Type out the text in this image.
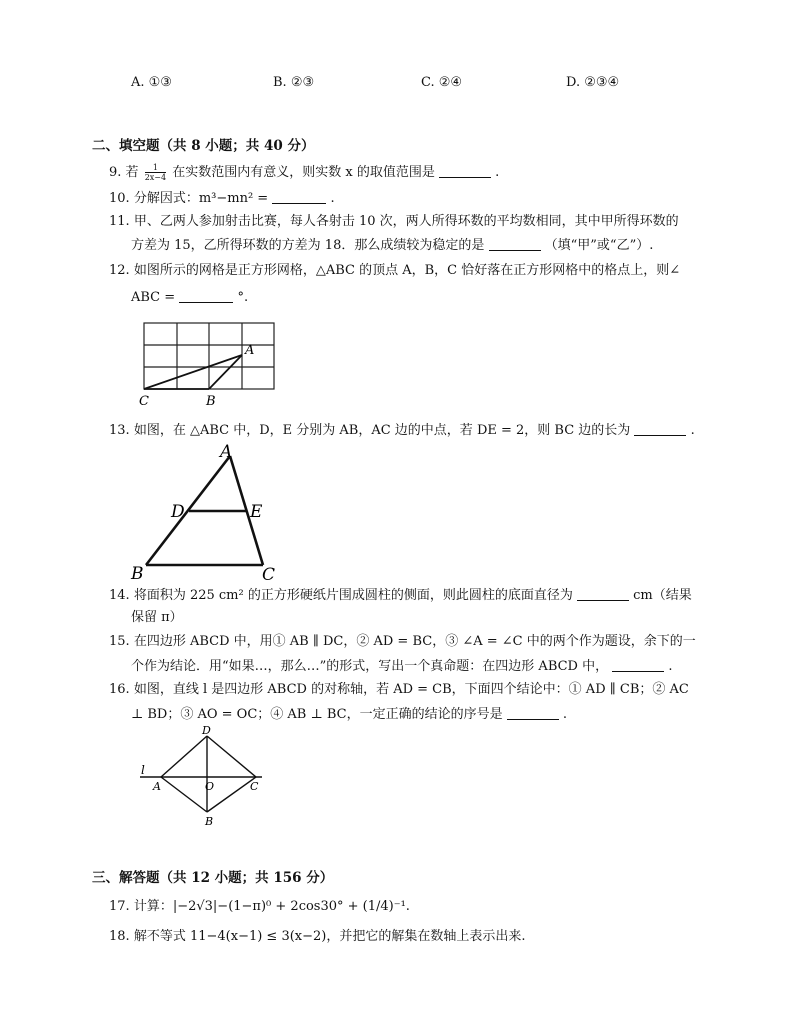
A. ①③	B. ②③	C. ②④	D. ②③④
二、填空题（共 8 小题；共 40 分）
9. 若 $\frac{1}{2x-4}$ 在实数范围内有意义，则实数 x 的取值范围是	.
10. 分解因式：m³−mn² =	.
11. 甲、乙两人参加射击比赛，每人各射击 10 次，两人所得环数的平均数相同，其中甲所得环数的
方差为 15，乙所得环数的方差为 18．那么成绩较为稳定的是	（填“甲”或“乙”）.
12. 如图所示的网格是正方形网格，△ABC 的顶点 A，B，C 恰好落在正方形网格中的格点上，则∠
ABC =	°.
A
B
C
13. 如图，在 △ABC 中，D，E 分别为 AB，AC 边的中点，若 DE = 2，则 BC 边的长为	.
A
B	C
D	E
14. 将面积为 225 cm² 的正方形硬纸片围成圆柱的侧面，则此圆柱的底面直径为	cm（结果
保留 π）
15. 在四边形 ABCD 中，用① AB ∥ DC，② AD = BC，③ ∠A = ∠C 中的两个作为题设，余下的一
个作为结论．用“如果…，那么…”的形式，写出一个真命题：在四边形 ABCD 中，	.
16. 如图，直线 l 是四边形 ABCD 的对称轴，若 AD = CB，下面四个结论中：① AD ∥ CB；② AC
⊥ BD；③ AO = OC；④ AB ⊥ BC，一定正确的结论的序号是	.
l
A
B
C
D
O
三、解答题（共 12 小题；共 156 分）
17. 计算：|−2√3|−(1−π)⁰ + 2cos30° + (1/4)⁻¹.
18. 解不等式 11−4(x−1) ≤ 3(x−2)，并把它的解集在数轴上表示出来.
